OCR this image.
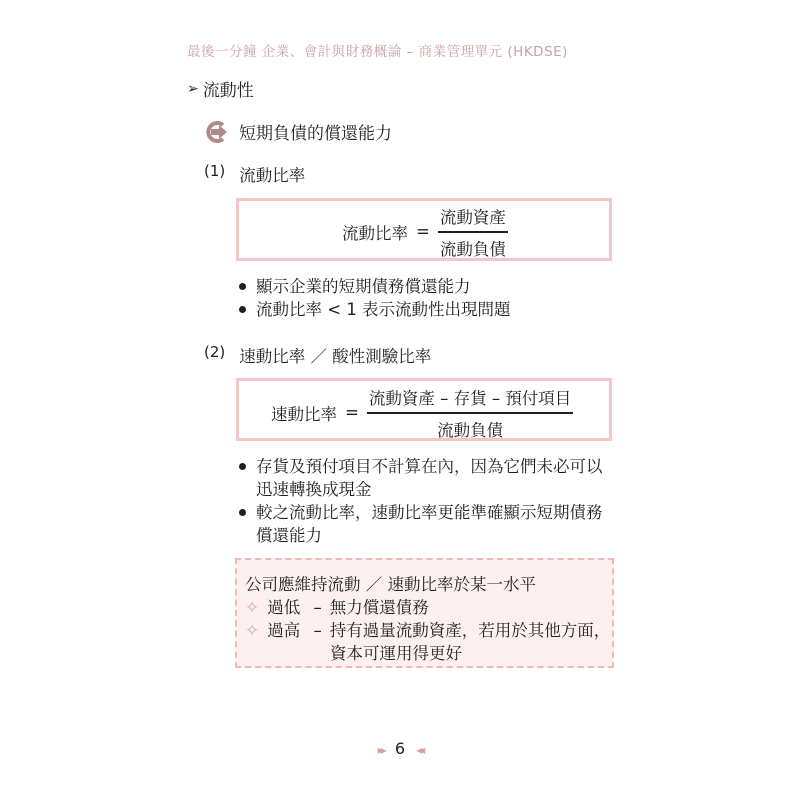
最後一分鐘 企業、會計與財務概論 – 商業管理單元 (HKDSE)
➢ 流動性
短期負債的償還能力
(1) 流動比率
流動比率 = $\frac{\text{流動資產}}{\text{流動負債}}$
顯示企業的短期債務償還能力
流動比率 < 1 表示流動性出現問題
(2) 速動比率 ／ 酸性測驗比率
速動比率 = $\frac{\text{流動資產 – 存貨 – 預付項目}}{\text{流動負債}}$
存貨及預付項目不計算在內，因為它們未必可以迅速轉換成現金
較之流動比率，速動比率更能準確顯示短期債務償還能力
公司應維持流動 ／ 速動比率於某一水平
✧ 過低 – 無力償還債務
✧ 過高 – 持有過量流動資產，若用於其他方面，
資本可運用得更好
▸▸ 6 ◂◂
